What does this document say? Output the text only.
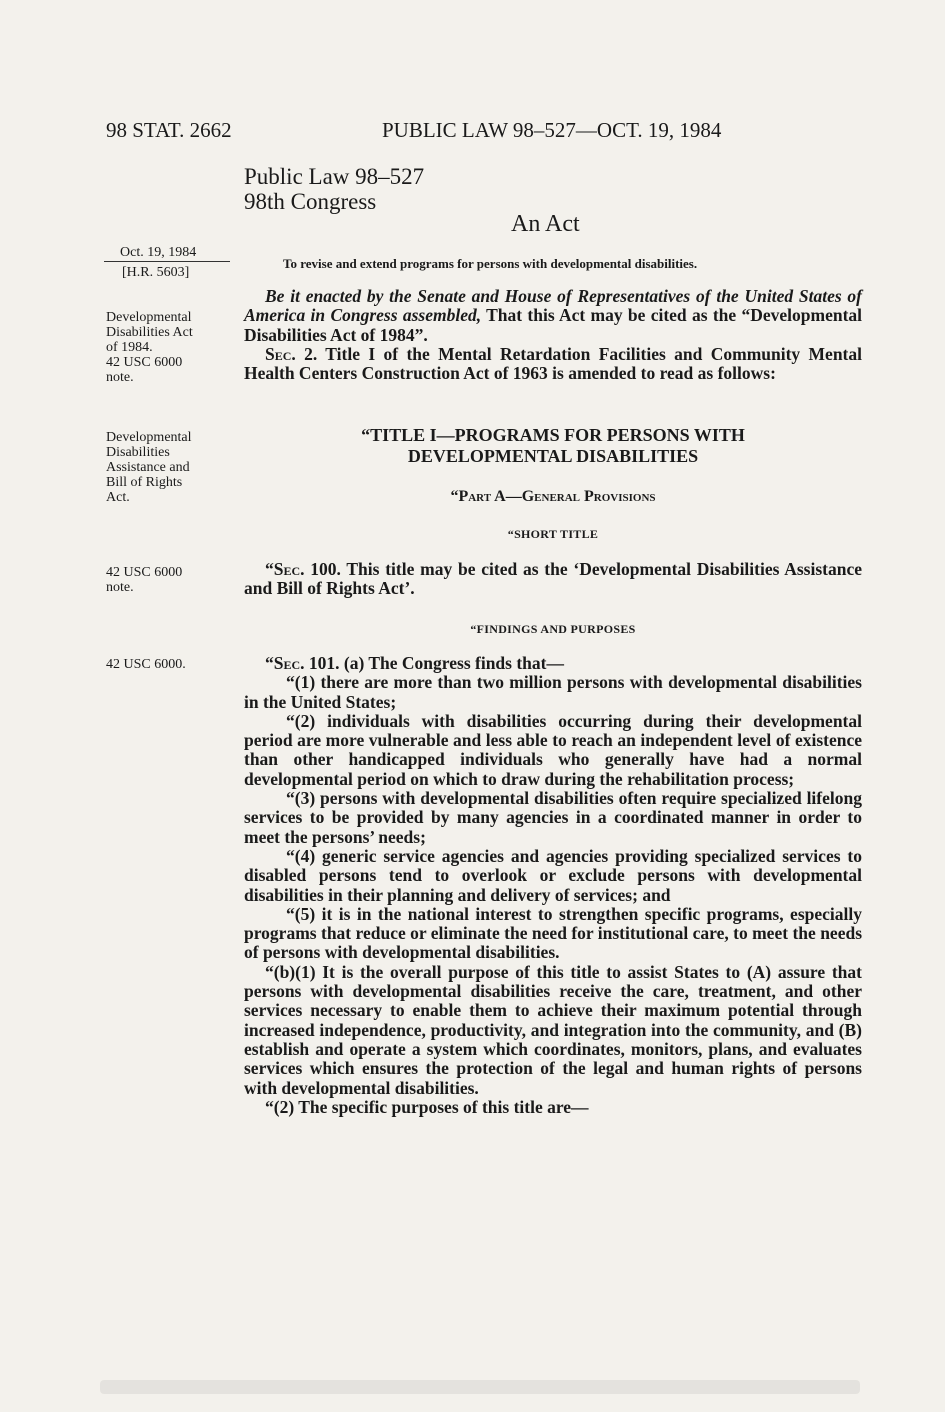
98 STAT. 2662	PUBLIC LAW 98–527—OCT. 19, 1984
Public Law 98–527
98th Congress
An Act
Oct. 19, 1984
[H.R. 5603]
To revise and extend programs for persons with developmental disabilities.
Developmental
Disabilities Act
of 1984.
42 USC 6000
note.
Developmental
Disabilities
Assistance and
Bill of Rights
Act.
42 USC 6000
note.
42 USC 6000.

Be it enacted by the Senate and House of Representatives of the United States of America in Congress assembled, That this Act may be cited as the “Developmental Disabilities Act of 1984”.

Sec. 2. Title I of the Mental Retardation Facilities and Community Mental Health Centers Construction Act of 1963 is amended to read as follows:

“TITLE I—PROGRAMS FOR PERSONS WITH
DEVELOPMENTAL DISABILITIES
“Part A—General Provisions
“SHORT TITLE

“Sec. 100. This title may be cited as the ‘Developmental Disabilities Assistance and Bill of Rights Act’.

“FINDINGS AND PURPOSES

“Sec. 101. (a) The Congress finds that—

“(1) there are more than two million persons with developmental disabilities in the United States;

“(2) individuals with disabilities occurring during their developmental period are more vulnerable and less able to reach an independent level of existence than other handicapped individuals who generally have had a normal developmental period on which to draw during the rehabilitation process;

“(3) persons with developmental disabilities often require specialized lifelong services to be provided by many agencies in a coordinated manner in order to meet the persons’ needs;

“(4) generic service agencies and agencies providing specialized services to disabled persons tend to overlook or exclude persons with developmental disabilities in their planning and delivery of services; and

“(5) it is in the national interest to strengthen specific programs, especially programs that reduce or eliminate the need for institutional care, to meet the needs of persons with developmental disabilities.

“(b)(1) It is the overall purpose of this title to assist States to (A) assure that persons with developmental disabilities receive the care, treatment, and other services necessary to enable them to achieve their maximum potential through increased independence, productivity, and integration into the community, and (B) establish and operate a system which coordinates, monitors, plans, and evaluates services which ensures the protection of the legal and human rights of persons with developmental disabilities.

“(2) The specific purposes of this title are—
